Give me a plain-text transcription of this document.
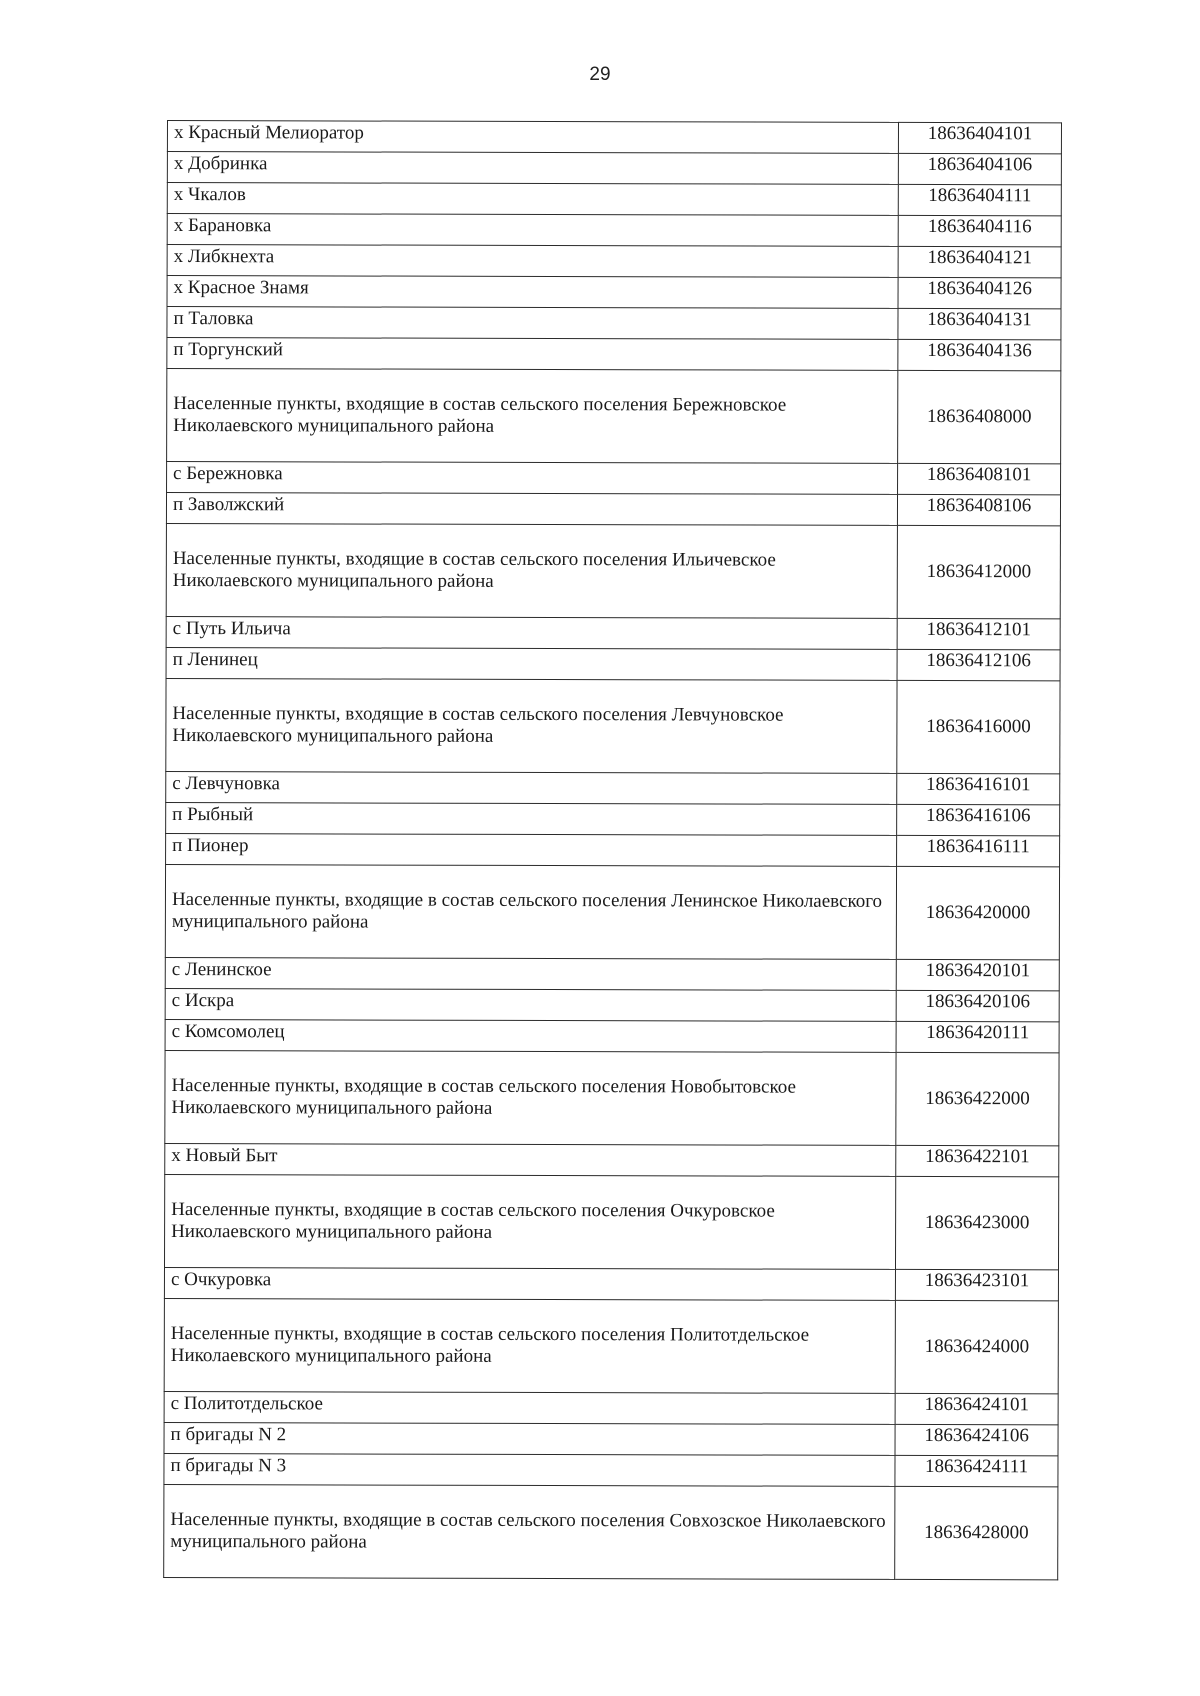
29
х Красный Мелиоратор	18636404101
х Добринка	18636404106
х Чкалов	18636404111
х Барановка	18636404116
х Либкнехта	18636404121
х Красное Знамя	18636404126
п Таловка	18636404131
п Торгунский	18636404136
Населенные пункты, входящие в состав сельского поселения Бережновское Николаевского муниципального района	18636408000
с Бережновка	18636408101
п Заволжский	18636408106
Населенные пункты, входящие в состав сельского поселения Ильичевское Николаевского муниципального района	18636412000
с Путь Ильича	18636412101
п Ленинец	18636412106
Населенные пункты, входящие в состав сельского поселения Левчуновское Николаевского муниципального района	18636416000
с Левчуновка	18636416101
п Рыбный	18636416106
п Пионер	18636416111
Населенные пункты, входящие в состав сельского поселения Ленинское Николаевского муниципального района	18636420000
с Ленинское	18636420101
с Искра	18636420106
с Комсомолец	18636420111
Населенные пункты, входящие в состав сельского поселения Новобытовское Николаевского муниципального района	18636422000
х Новый Быт	18636422101
Населенные пункты, входящие в состав сельского поселения Очкуровское Николаевского муниципального района	18636423000
с Очкуровка	18636423101
Населенные пункты, входящие в состав сельского поселения Политотдельское Николаевского муниципального района	18636424000
с Политотдельское	18636424101
п бригады N 2	18636424106
п бригады N 3	18636424111
Населенные пункты, входящие в состав сельского поселения Совхозское Николаевского муниципального района	18636428000
